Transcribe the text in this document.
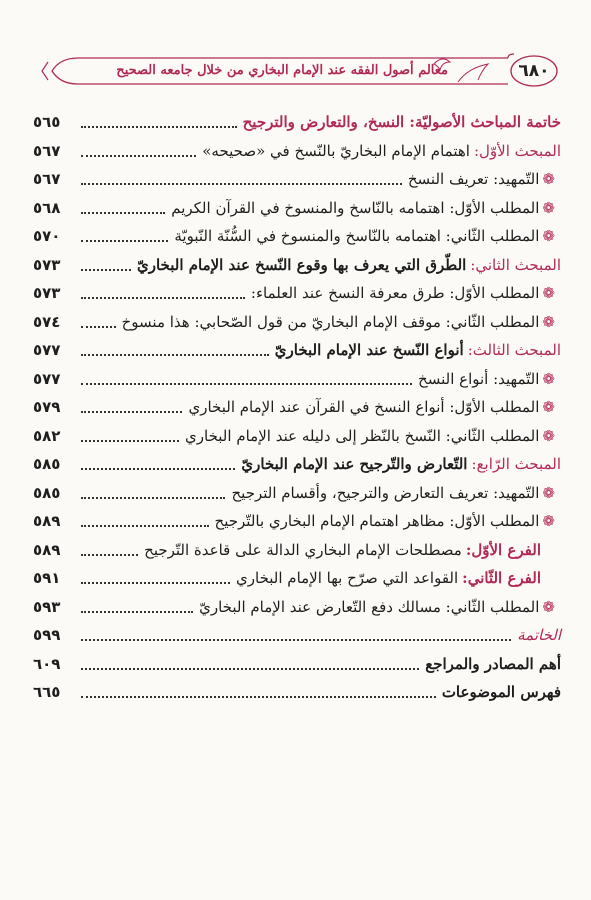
معالم أصول الفقه عند الإمام البخاري من خلال جامعه الصحيح	٦٨٠
خاتمة المباحث الأصوليّة: النسخ، والتعارض والترجيح
٥٦٥
المبحث الأوّل:
اهتمام الإمام البخاريّ بالنّسخ في «صحيحه»
٥٦٧
❁
التّمهيد: تعريف النسخ
٥٦٧
❁
المطلب الأوّل: اهتمامه بالنّاسخ والمنسوخ في القرآن الكريم
٥٦٨
❁
المطلب الثّاني: اهتمامه بالنّاسخ والمنسوخ في السُّنّة النّبويّة
٥٧٠
المبحث الثاني:
الطّرق التي يعرف بها وقوع النّسخ عند الإمام البخاريّ
٥٧٣
❁
المطلب الأوّل: طرق معرفة النسخ عند العلماء:
٥٧٣
❁
المطلب الثّاني: موقف الإمام البخاريّ من قول الصّحابي: هذا منسوخ
٥٧٤
المبحث الثالث:
أنواع النّسخ عند الإمام البخاريّ
٥٧٧
❁
التّمهيد: أنواع النسخ
٥٧٧
❁
المطلب الأوّل: أنواع النسخ في القرآن عند الإمام البخاري
٥٧٩
❁
المطلب الثّاني: النّسخ بالنّظر إلى دليله عند الإمام البخاري
٥٨٢
المبحث الرّابع:
التّعارض والتّرجيح عند الإمام البخاريّ
٥٨٥
❁
التّمهيد: تعريف التعارض والترجيح، وأقسام الترجيح
٥٨٥
❁
المطلب الأوّل: مظاهر اهتمام الإمام البخاري بالتّرجيح
٥٨٩
الفرع الأوّل:
مصطلحات الإمام البخاري الدالة على قاعدة التّرجيح
٥٨٩
الفرع الثّاني:
القواعد التي صرّح بها الإمام البخاري
٥٩١
❁
المطلب الثّاني: مسالك دفع التّعارض عند الإمام البخاريّ
٥٩٣
الخاتمة
٥٩٩
أهم المصادر والمراجع
٦٠٩
فهرس الموضوعات
٦٦٥
